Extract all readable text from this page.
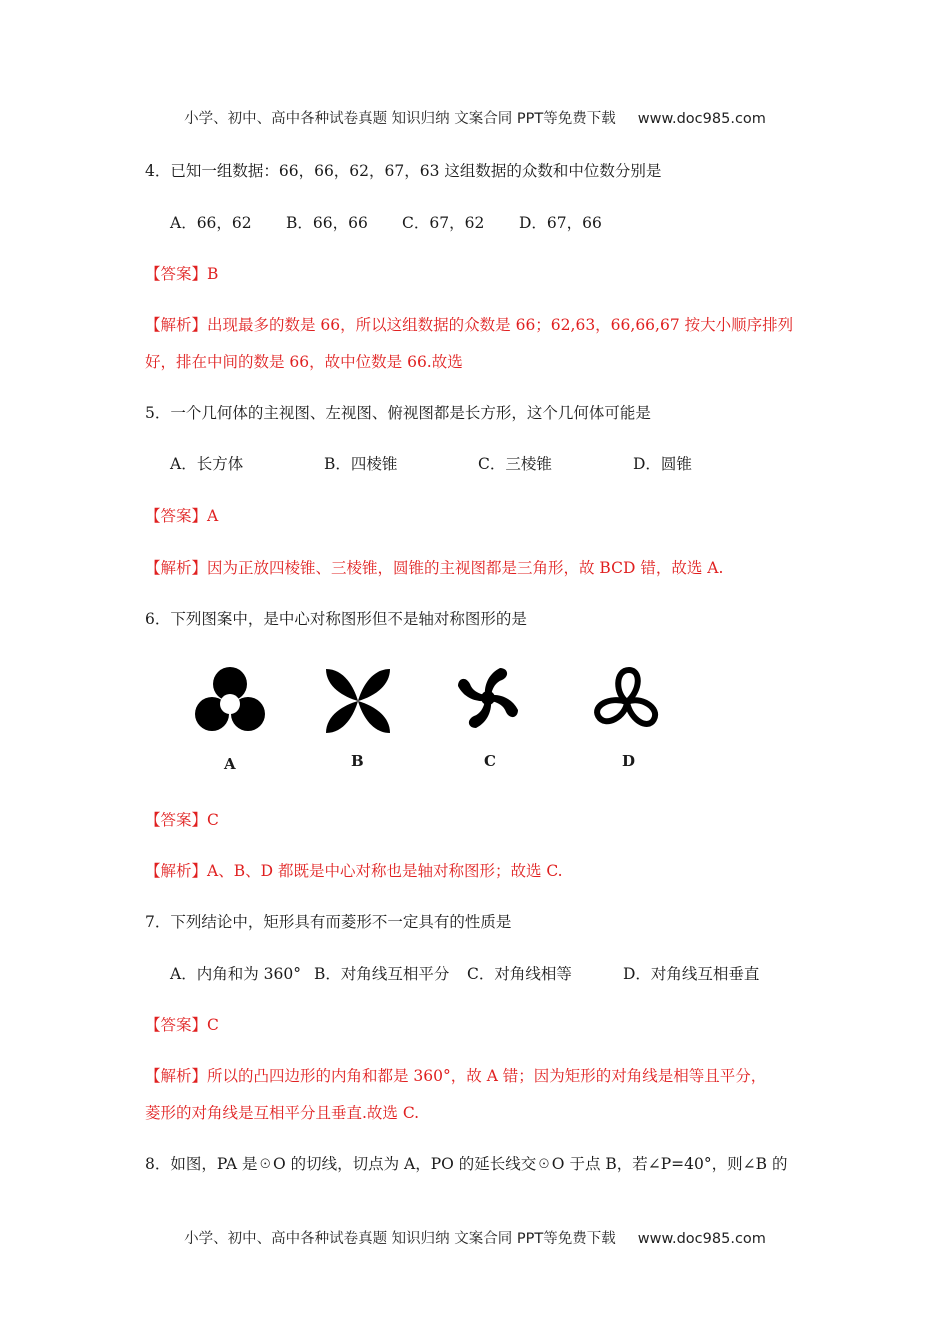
小学、初中、高中各种试卷真题 知识归纳 文案合同 PPT等免费下载 www.doc985.com
4．已知一组数据：66，66，62，67，63 这组数据的众数和中位数分别是
A．66，62 B．66，66 C．67，62 D．67，66
【答案】B
【解析】出现最多的数是 66，所以这组数据的众数是 66；62,63，66,66,67 按大小顺序排列
好，排在中间的数是 66，故中位数是 66.故选
5．一个几何体的主视图、左视图、俯视图都是长方形，这个几何体可能是
A．长方体	B．四棱锥	C．三棱锥	D．圆锥
【答案】A
【解析】因为正放四棱锥、三棱锥，圆锥的主视图都是三角形，故 BCD 错，故选 A.
6．下列图案中，是中心对称图形但不是轴对称图形的是
A	B	C	D
【答案】C
【解析】A、B、D 都既是中心对称也是轴对称图形；故选 C.
7．下列结论中，矩形具有而菱形不一定具有的性质是
A．内角和为 360° B．对角线互相平分 C．对角线相等	D．对角线互相垂直
【答案】C
【解析】所以的凸四边形的内角和都是 360°，故 A 错；因为矩形的对角线是相等且平分，
菱形的对角线是互相平分且垂直.故选 C.
8．如图，PA 是☉O 的切线，切点为 A，PO 的延长线交☉O 于点 B，若∠P=40°，则∠B 的
小学、初中、高中各种试卷真题 知识归纳 文案合同 PPT等免费下载 www.doc985.com
